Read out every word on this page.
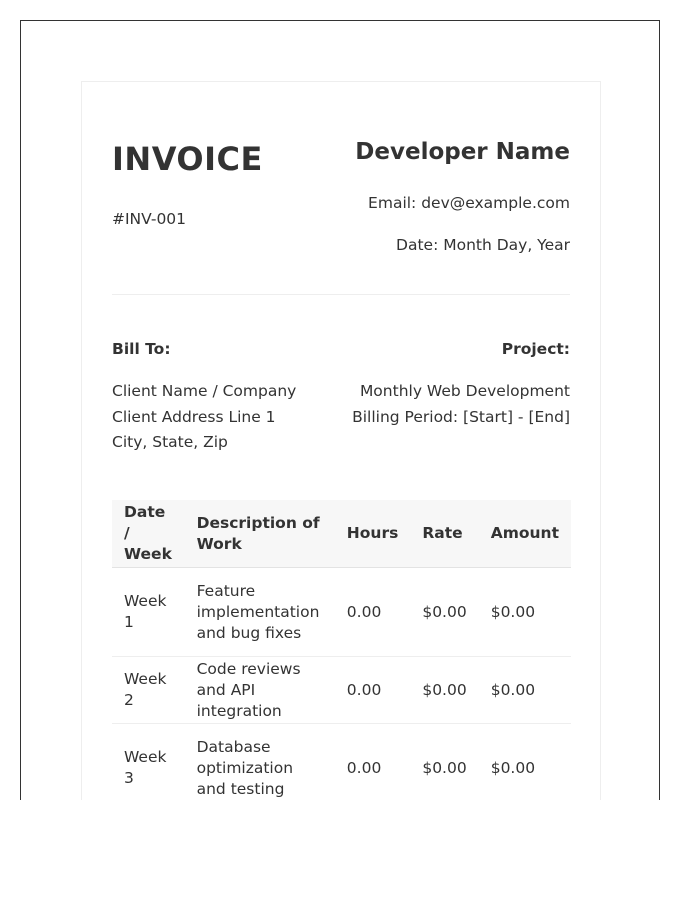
INVOICE
#INV-001
Developer Name
Email: dev@example.com
Date: Month Day, Year
Bill To:	Project:
Client Name / Company
Client Address Line 1
City, State, Zip
Monthly Web Development
Billing Period: [Start] - [End]
Date / Week	Description of Work	Hours	Rate	Amount
Week 1	Feature implementation and bug fixes	0.00	$0.00	$0.00
Week 2	Code reviews and API integration	0.00	$0.00	$0.00
Week 3	Database optimization and testing	0.00	$0.00	$0.00
